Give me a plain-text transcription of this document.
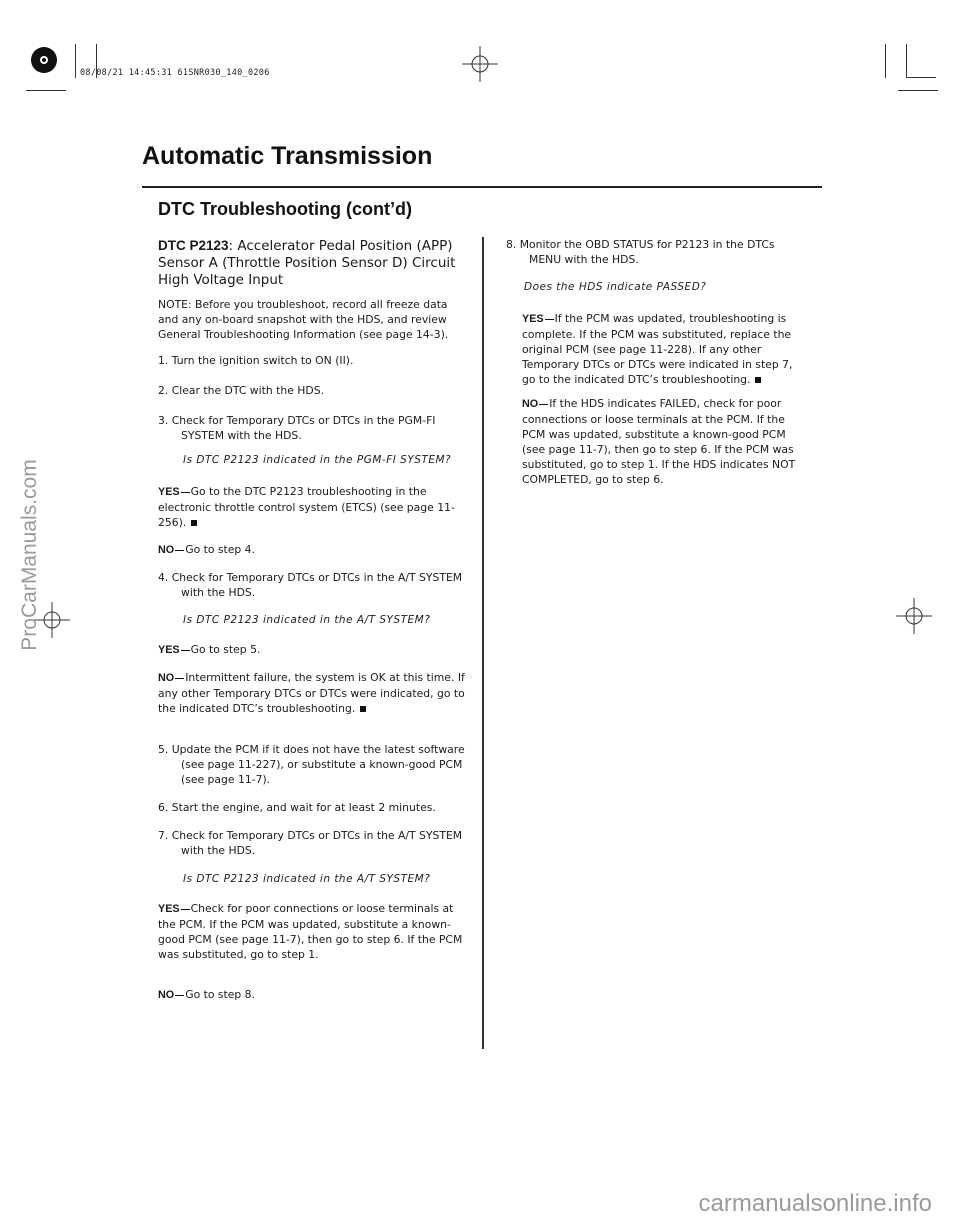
08/08/21 14:45:31 61SNR030_140_0206
ProCarManuals.com
carmanualsonline.info
Automatic Transmission
DTC Troubleshooting (cont’d)
DTC P2123: Accelerator Pedal Position (APP) Sensor A (Throttle Position Sensor D) Circuit High Voltage Input
NOTE: Before you troubleshoot, record all freeze data and any on-board snapshot with the HDS, and review General Troubleshooting Information (see page 14-3).
1. Turn the ignition switch to ON (II).
2. Clear the DTC with the HDS.
3. Check for Temporary DTCs or DTCs in the PGM-FI SYSTEM with the HDS.
Is DTC P2123 indicated in the PGM-FI SYSTEM?
YES Go to the DTC P2123 troubleshooting in the electronic throttle control system (ETCS) (see page 11-256).
NO Go to step 4.
4. Check for Temporary DTCs or DTCs in the A/T SYSTEM with the HDS.
Is DTC P2123 indicated in the A/T SYSTEM?
YES Go to step 5.
NO Intermittent failure, the system is OK at this time. If any other Temporary DTCs or DTCs were indicated, go to the indicated DTC’s troubleshooting.
5. Update the PCM if it does not have the latest software (see page 11-227), or substitute a known-good PCM (see page 11-7).
6. Start the engine, and wait for at least 2 minutes.
7. Check for Temporary DTCs or DTCs in the A/T SYSTEM with the HDS.
Is DTC P2123 indicated in the A/T SYSTEM?
YES Check for poor connections or loose terminals at the PCM. If the PCM was updated, substitute a known-good PCM (see page 11-7), then go to step 6. If the PCM was substituted, go to step 1.
NO Go to step 8.
8. Monitor the OBD STATUS for P2123 in the DTCs MENU with the HDS.
Does the HDS indicate PASSED?
YES If the PCM was updated, troubleshooting is complete. If the PCM was substituted, replace the original PCM (see page 11-228). If any other Temporary DTCs or DTCs were indicated in step 7, go to the indicated DTC’s troubleshooting.
NO If the HDS indicates FAILED, check for poor connections or loose terminals at the PCM. If the PCM was updated, substitute a known-good PCM (see page 11-7), then go to step 6. If the PCM was substituted, go to step 1. If the HDS indicates NOT COMPLETED, go to step 6.
